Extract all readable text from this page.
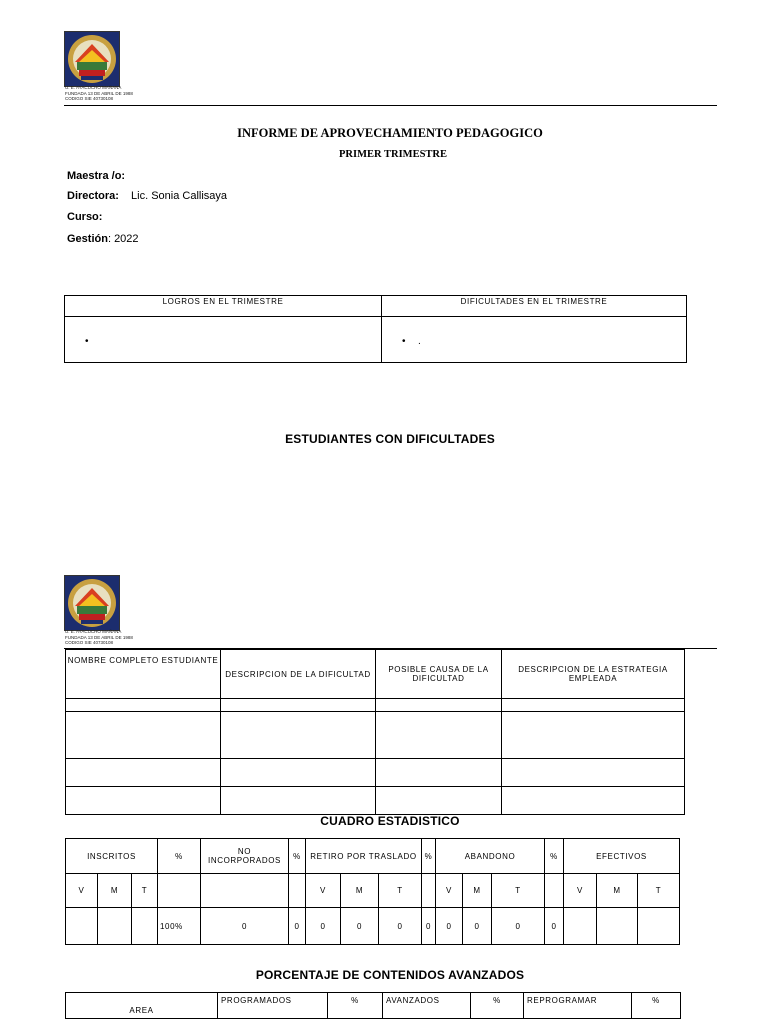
U. E. AYACUCHO MAÑANA
FUNDADA 13 DE ABRIL DE 1988
CODIGO SIE 40730108
INFORME DE APROVECHAMIENTO PEDAGOGICO
PRIMER TRIMESTRE
Maestra /o:
Directora: Lic. Sonia Callisaya
Curso:
Gestión: 2022
LOGROS EN EL TRIMESTRE	DIFICULTADES EN EL TRIMESTRE
•	• .
ESTUDIANTES CON DIFICULTADES
U. E. AYACUCHO MAÑANA
FUNDADA 13 DE ABRIL DE 1988
CODIGO SIE 40730108
NOMBRE COMPLETO ESTUDIANTE	DESCRIPCION DE LA DIFICULTAD	POSIBLE CAUSA DE LA DIFICULTAD	DESCRIPCION DE LA ESTRATEGIA EMPLEADA

CUADRO ESTADISTICO
INSCRITOS			%	NO INCORPORADOS	%	RETIRO POR TRASLADO			%	ABANDONO			%	EFECTIVOS		
V	M	T				V	M	T		V	M	T		V	M	T
			100%	0	0	0	0	0	0	0	0	0	0			
PORCENTAJE DE CONTENIDOS AVANZADOS
AREA	PROGRAMADOS	%	AVANZADOS	%	REPROGRAMAR	%
